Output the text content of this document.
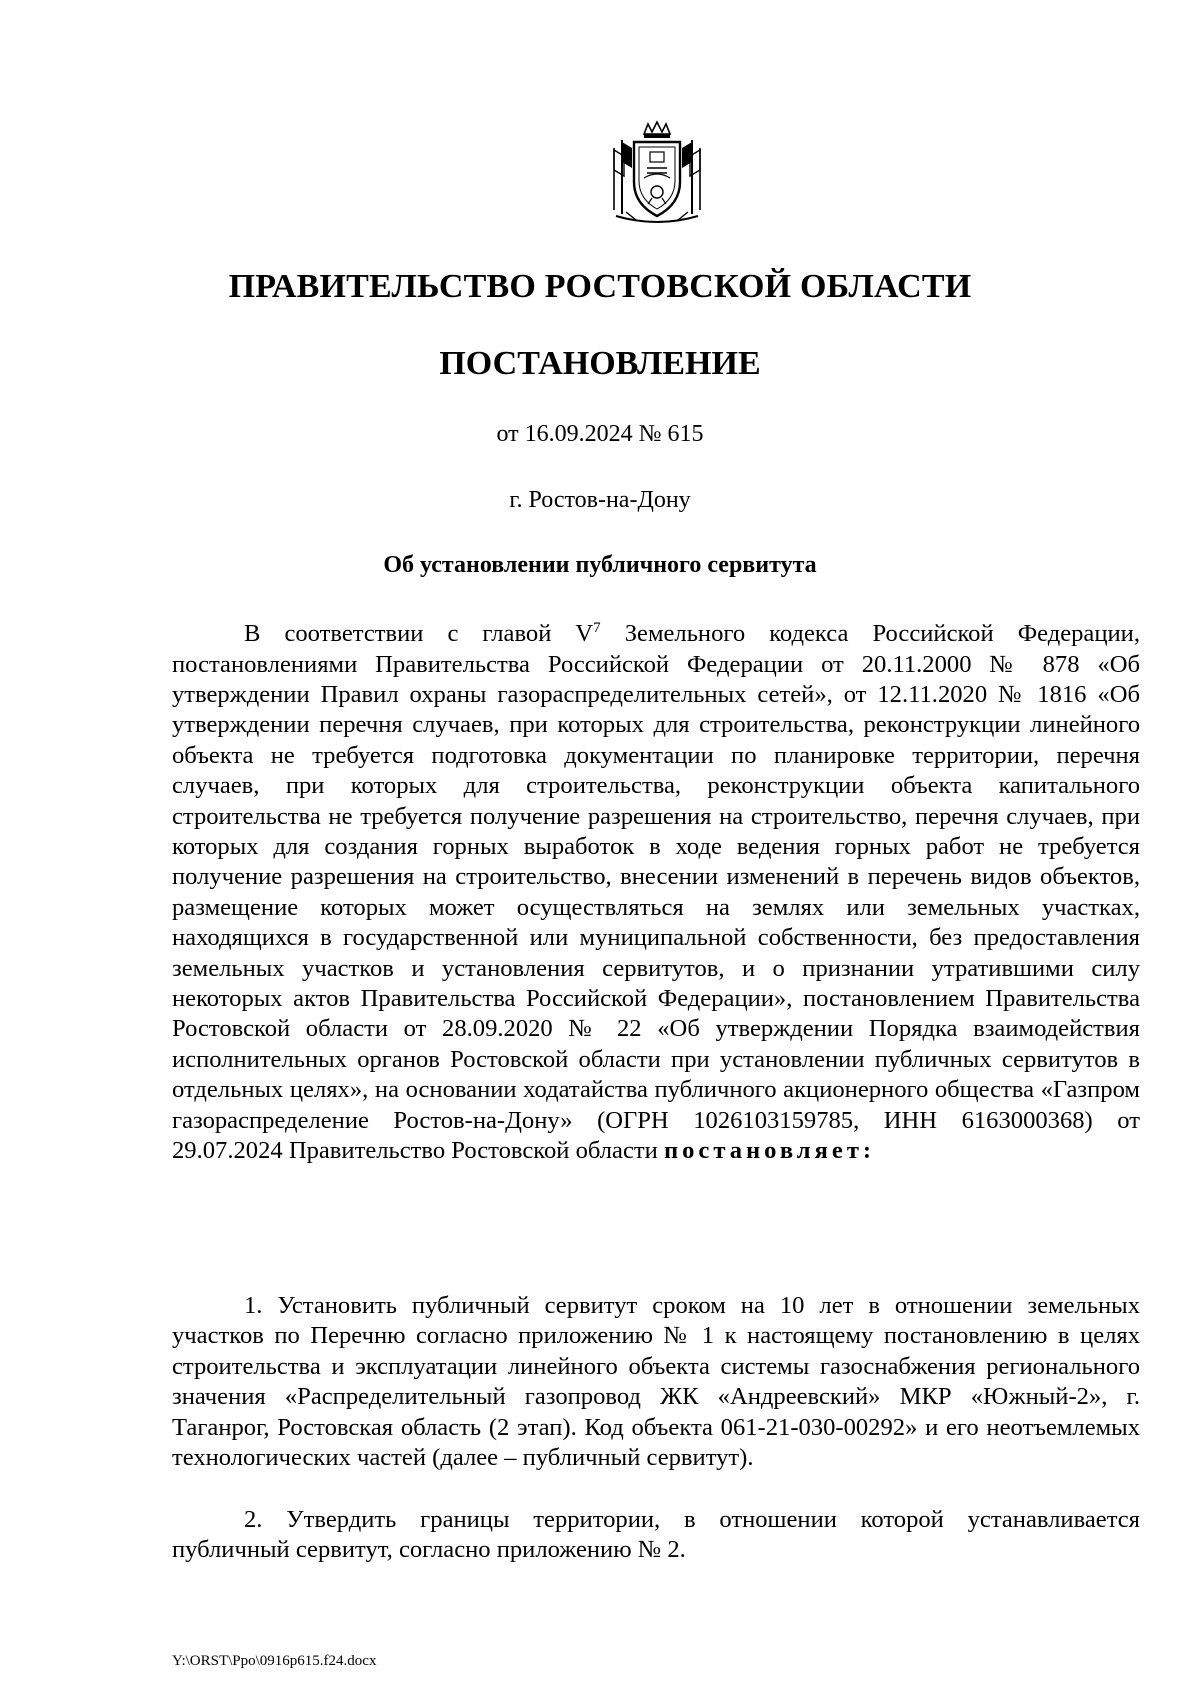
ПРАВИТЕЛЬСТВО РОСТОВСКОЙ ОБЛАСТИ
ПОСТАНОВЛЕНИЕ
от 16.09.2024 № 615
г. Ростов-на-Дону
Об установлении публичного сервитута

В соответствии с главой $V^7$ Земельного кодекса Российской Федерации, постановлениями Правительства Российской Федерации от 20.11.2000 № 878 «Об утверждении Правил охраны газораспределительных сетей», от 12.11.2020 № 1816 «Об утверждении перечня случаев, при которых для строительства, реконструкции линейного объекта не требуется подготовка документации по планировке территории, перечня случаев, при которых для строительства, реконструкции объекта капитального строительства не требуется получение разрешения на строительство, перечня случаев, при которых для создания горных выработок в ходе ведения горных работ не требуется получение разрешения на строительство, внесении изменений в перечень видов объектов, размещение которых может осуществляться на землях или земельных участках, находящихся в государственной или муниципальной собственности, без предоставления земельных участков и установления сервитутов, и о признании утратившими силу некоторых актов Правительства Российской Федерации», постановлением Правительства Ростовской области от 28.09.2020 № 22 «Об утверждении Порядка взаимодействия исполнительных органов Ростовской области при установлении публичных сервитутов в отдельных целях», на основании ходатайства публичного акционерного общества «Газпром газораспределение Ростов-на-Дону» (ОГРН 1026103159785, ИНН 6163000368) от 29.07.2024 Правительство Ростовской области постановляет:

1. Установить публичный сервитут сроком на 10 лет в отношении земельных участков по Перечню согласно приложению № 1 к настоящему постановлению в целях строительства и эксплуатации линейного объекта системы газоснабжения регионального значения «Распределительный газопровод ЖК «Андреевский» МКР «Южный-2», г. Таганрог, Ростовская область (2 этап). Код объекта 061-21-030-00292» и его неотъемлемых технологических частей (далее – публичный сервитут).

2. Утвердить границы территории, в отношении которой устанавливается публичный сервитут, согласно приложению № 2.

Y:\ORST\Ppo\0916p615.f24.docx
